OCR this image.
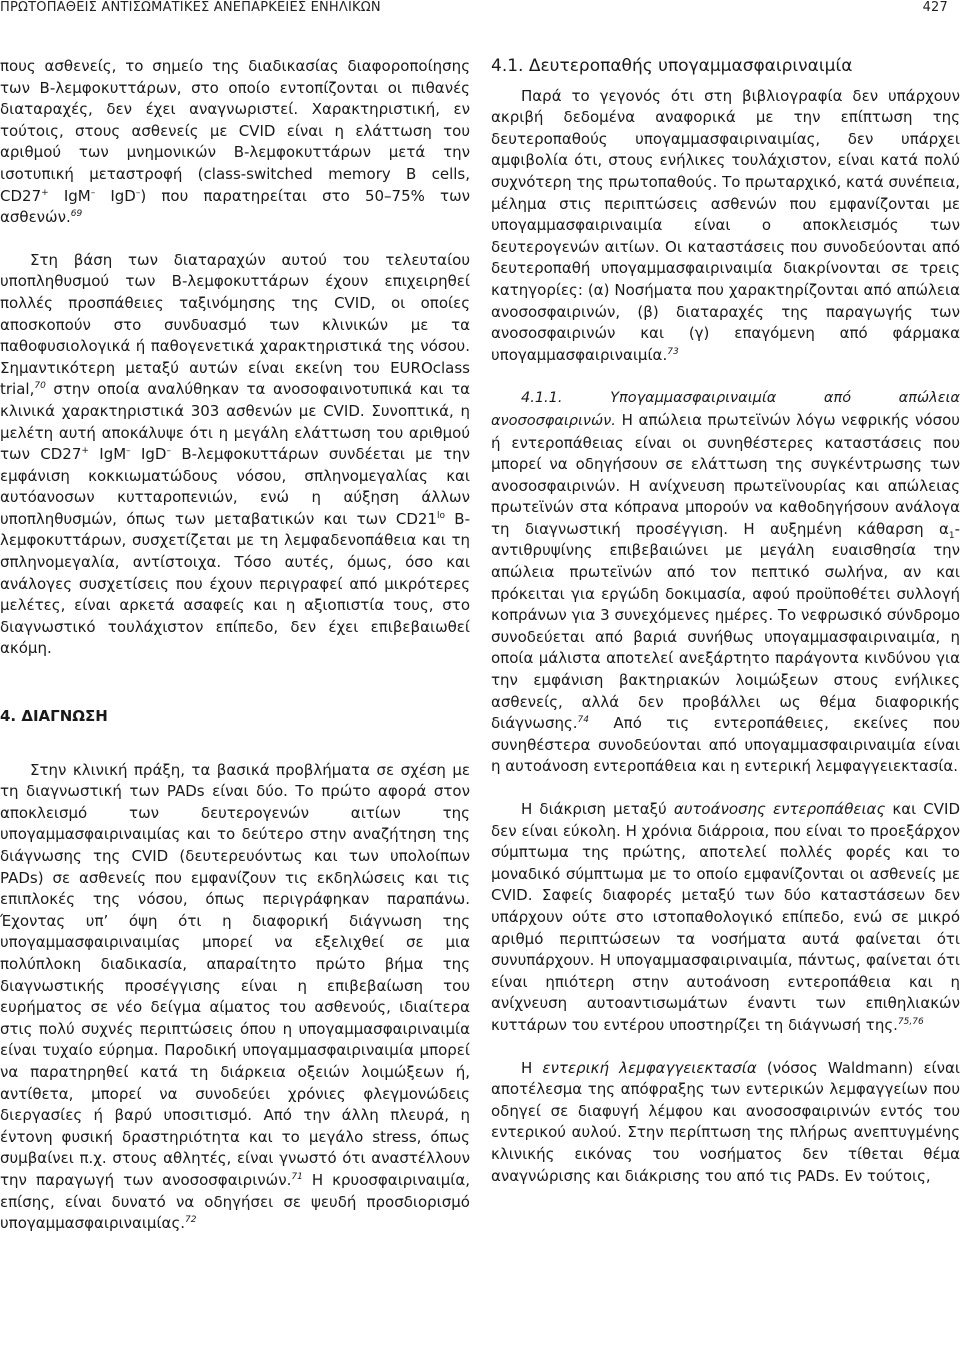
ΠΡΩΤΟΠΑΘΕΙΣ ΑΝΤΙΣΩΜΑΤΙΚΕΣ ΑΝΕΠΑΡΚΕΙΕΣ ΕΝΗΛΙΚΩΝ	427

πους ασθενείς, το σημείο της διαδικασίας διαφοροποίησης των Β-λεμφοκυττάρων, στο οποίο εντοπίζονται οι πιθανές διαταραχές, δεν έχει αναγνωριστεί. Χαρακτηριστική, εν τούτοις, στους ασθενείς με CVID είναι η ελάττωση του αριθμού των μνημονικών Β-λεμφοκυττάρων μετά την ισοτυπική μεταστροφή (class-switched memory B cells, CD27+ IgM– IgD–) που παρατηρείται στο 50–75% των ασθενών.$^{69}$

Στη βάση των διαταραχών αυτού του τελευταίου υποπληθυσμού των Β-λεμφοκυττάρων έχουν επιχειρηθεί πολλές προσπάθειες ταξινόμησης της CVID, οι οποίες αποσκοπούν στο συνδυασμό των κλινικών με τα παθοφυσιολογικά ή παθογενετικά χαρακτηριστικά της νόσου. Σημαντικότερη μεταξύ αυτών είναι εκείνη του EUROclass trial,$^{70}$ στην οποία αναλύθηκαν τα ανοσοφαινοτυπικά και τα κλινικά χαρακτηριστικά 303 ασθενών με CVID. Συνοπτικά, η μελέτη αυτή αποκάλυψε ότι η μεγάλη ελάττωση του αριθμού των CD27+ IgM– IgD– Β-λεμφοκυττάρων συνδέεται με την εμφάνιση κοκκιωματώδους νόσου, σπληνομεγαλίας και αυτόανοσων κυτταροπενιών, ενώ η αύξηση άλλων υποπληθυσμών, όπως των μεταβατικών και των $CD21^{lo}$ Β-λεμφοκυττάρων, συσχετίζεται με τη λεμφαδενοπάθεια και τη σπληνομεγαλία, αντίστοιχα. Τόσο αυτές, όμως, όσο και ανάλογες συσχετίσεις που έχουν περιγραφεί από μικρότερες μελέτες, είναι αρκετά ασαφείς και η αξιοπιστία τους, στο διαγνωστικό τουλάχιστον επίπεδο, δεν έχει επιβεβαιωθεί ακόμη.

4. ΔΙΑΓΝΩΣΗ

Στην κλινική πράξη, τα βασικά προβλήματα σε σχέση με τη διαγνωστική των PADs είναι δύο. Το πρώτο αφορά στον αποκλεισμό των δευτερογενών αιτίων της υπογαμμασφαιριναιμίας και το δεύτερο στην αναζήτηση της διάγνωσης της CVID (δευτερευόντως και των υπολοίπων PADs) σε ασθενείς που εμφανίζουν τις εκδηλώσεις και τις επιπλοκές της νόσου, όπως περιγράφηκαν παραπάνω. Έχοντας υπ’ όψη ότι η διαφορική διάγνωση της υπογαμμασφαιριναιμίας μπορεί να εξελιχθεί σε μια πολύπλοκη διαδικασία, απαραίτητο πρώτο βήμα της διαγνωστικής προσέγγισης είναι η επιβεβαίωση του ευρήματος σε νέο δείγμα αίματος του ασθενούς, ιδιαίτερα στις πολύ συχνές περιπτώσεις όπου η υπογαμμασφαιριναιμία είναι τυχαίο εύρημα. Παροδική υπογαμμασφαιριναιμία μπορεί να παρατηρηθεί κατά τη διάρκεια οξειών λοιμώξεων ή, αντίθετα, μπορεί να συνοδεύει χρόνιες φλεγμονώδεις διεργασίες ή βαρύ υποσιτισμό. Από την άλλη πλευρά, η έντονη φυσική δραστηριότητα και το μεγάλο stress, όπως συμβαίνει π.χ. στους αθλητές, είναι γνωστό ότι αναστέλλουν την παραγωγή των ανοσοσφαιρινών.$^{71}$ Η κρυοσφαιριναιμία, επίσης, είναι δυνατό να οδηγήσει σε ψευδή προσδιορισμό υπογαμμασφαιριναιμίας.$^{72}$

4.1. Δευτεροπαθής υπογαμμασφαιριναιμία

Παρά το γεγονός ότι στη βιβλιογραφία δεν υπάρχουν ακριβή δεδομένα αναφορικά με την επίπτωση της δευτεροπαθούς υπογαμμασφαιριναιμίας, δεν υπάρχει αμφιβολία ότι, στους ενήλικες τουλάχιστον, είναι κατά πολύ συχνότερη της πρωτοπαθούς. Το πρωταρχικό, κατά συνέπεια, μέλημα στις περιπτώσεις ασθενών που εμφανίζονται με υπογαμμασφαιριναιμία είναι ο αποκλεισμός των δευτερογενών αιτίων. Οι καταστάσεις που συνοδεύονται από δευτεροπαθή υπογαμμασφαιριναιμία διακρίνονται σε τρεις κατηγορίες: (α) Νοσήματα που χαρακτηρίζονται από απώλεια ανοσοσφαιρινών, (β) διαταραχές της παραγωγής των ανοσοσφαιρινών και (γ) επαγόμενη από φάρμακα υπογαμμασφαιριναιμία.$^{73}$

4.1.1. Υπογαμμασφαιριναιμία από απώλεια ανοσοσφαιρινών. Η απώλεια πρωτεϊνών λόγω νεφρικής νόσου ή εντεροπάθειας είναι οι συνηθέστερες καταστάσεις που μπορεί να οδηγήσουν σε ελάττωση της συγκέντρωσης των ανοσοσφαιρινών. Η ανίχνευση πρωτεϊνουρίας και απώλειας πρωτεϊνών στα κόπρανα μπορούν να καθοδηγήσουν ανάλογα τη διαγνωστική προσέγγιση. Η αυξημένη κάθαρση $\alpha_1$-αντιθρυψίνης επιβεβαιώνει με μεγάλη ευαισθησία την απώλεια πρωτεϊνών από τον πεπτικό σωλήνα, αν και πρόκειται για εργώδη δοκιμασία, αφού προϋποθέτει συλλογή κοπράνων για 3 συνεχόμενες ημέρες. Το νεφρωσικό σύνδρομο συνοδεύεται από βαριά συνήθως υπογαμμασφαιριναιμία, η οποία μάλιστα αποτελεί ανεξάρτητο παράγοντα κινδύνου για την εμφάνιση βακτηριακών λοιμώξεων στους ενήλικες ασθενείς, αλλά δεν προβάλλει ως θέμα διαφορικής διάγνωσης.$^{74}$ Από τις εντεροπάθειες, εκείνες που συνηθέστερα συνοδεύονται από υπογαμμασφαιριναιμία είναι η αυτοάνοση εντεροπάθεια και η εντερική λεμφαγγειεκτασία.

Η διάκριση μεταξύ αυτοάνοσης εντεροπάθειας και CVID δεν είναι εύκολη. Η χρόνια διάρροια, που είναι το προεξάρχον σύμπτωμα της πρώτης, αποτελεί πολλές φορές και το μοναδικό σύμπτωμα με το οποίο εμφανίζονται οι ασθενείς με CVID. Σαφείς διαφορές μεταξύ των δύο καταστάσεων δεν υπάρχουν ούτε στο ιστοπαθολογικό επίπεδο, ενώ σε μικρό αριθμό περιπτώσεων τα νοσήματα αυτά φαίνεται ότι συνυπάρχουν. Η υπογαμμασφαιριναιμία, πάντως, φαίνεται ότι είναι ηπιότερη στην αυτοάνοση εντεροπάθεια και η ανίχνευση αυτοαντισωμάτων έναντι των επιθηλιακών κυττάρων του εντέρου υποστηρίζει τη διάγνωσή της.$^{75,76}$

Η εντερική λεμφαγγειεκτασία (νόσος Waldmann) είναι αποτέλεσμα της απόφραξης των εντερικών λεμφαγγείων που οδηγεί σε διαφυγή λέμφου και ανοσοσφαιρινών εντός του εντερικού αυλού. Στην περίπτωση της πλήρως ανεπτυγμένης κλινικής εικόνας του νοσήματος δεν τίθεται θέμα αναγνώρισης και διάκρισης του από τις PADs. Εν τούτοις,
